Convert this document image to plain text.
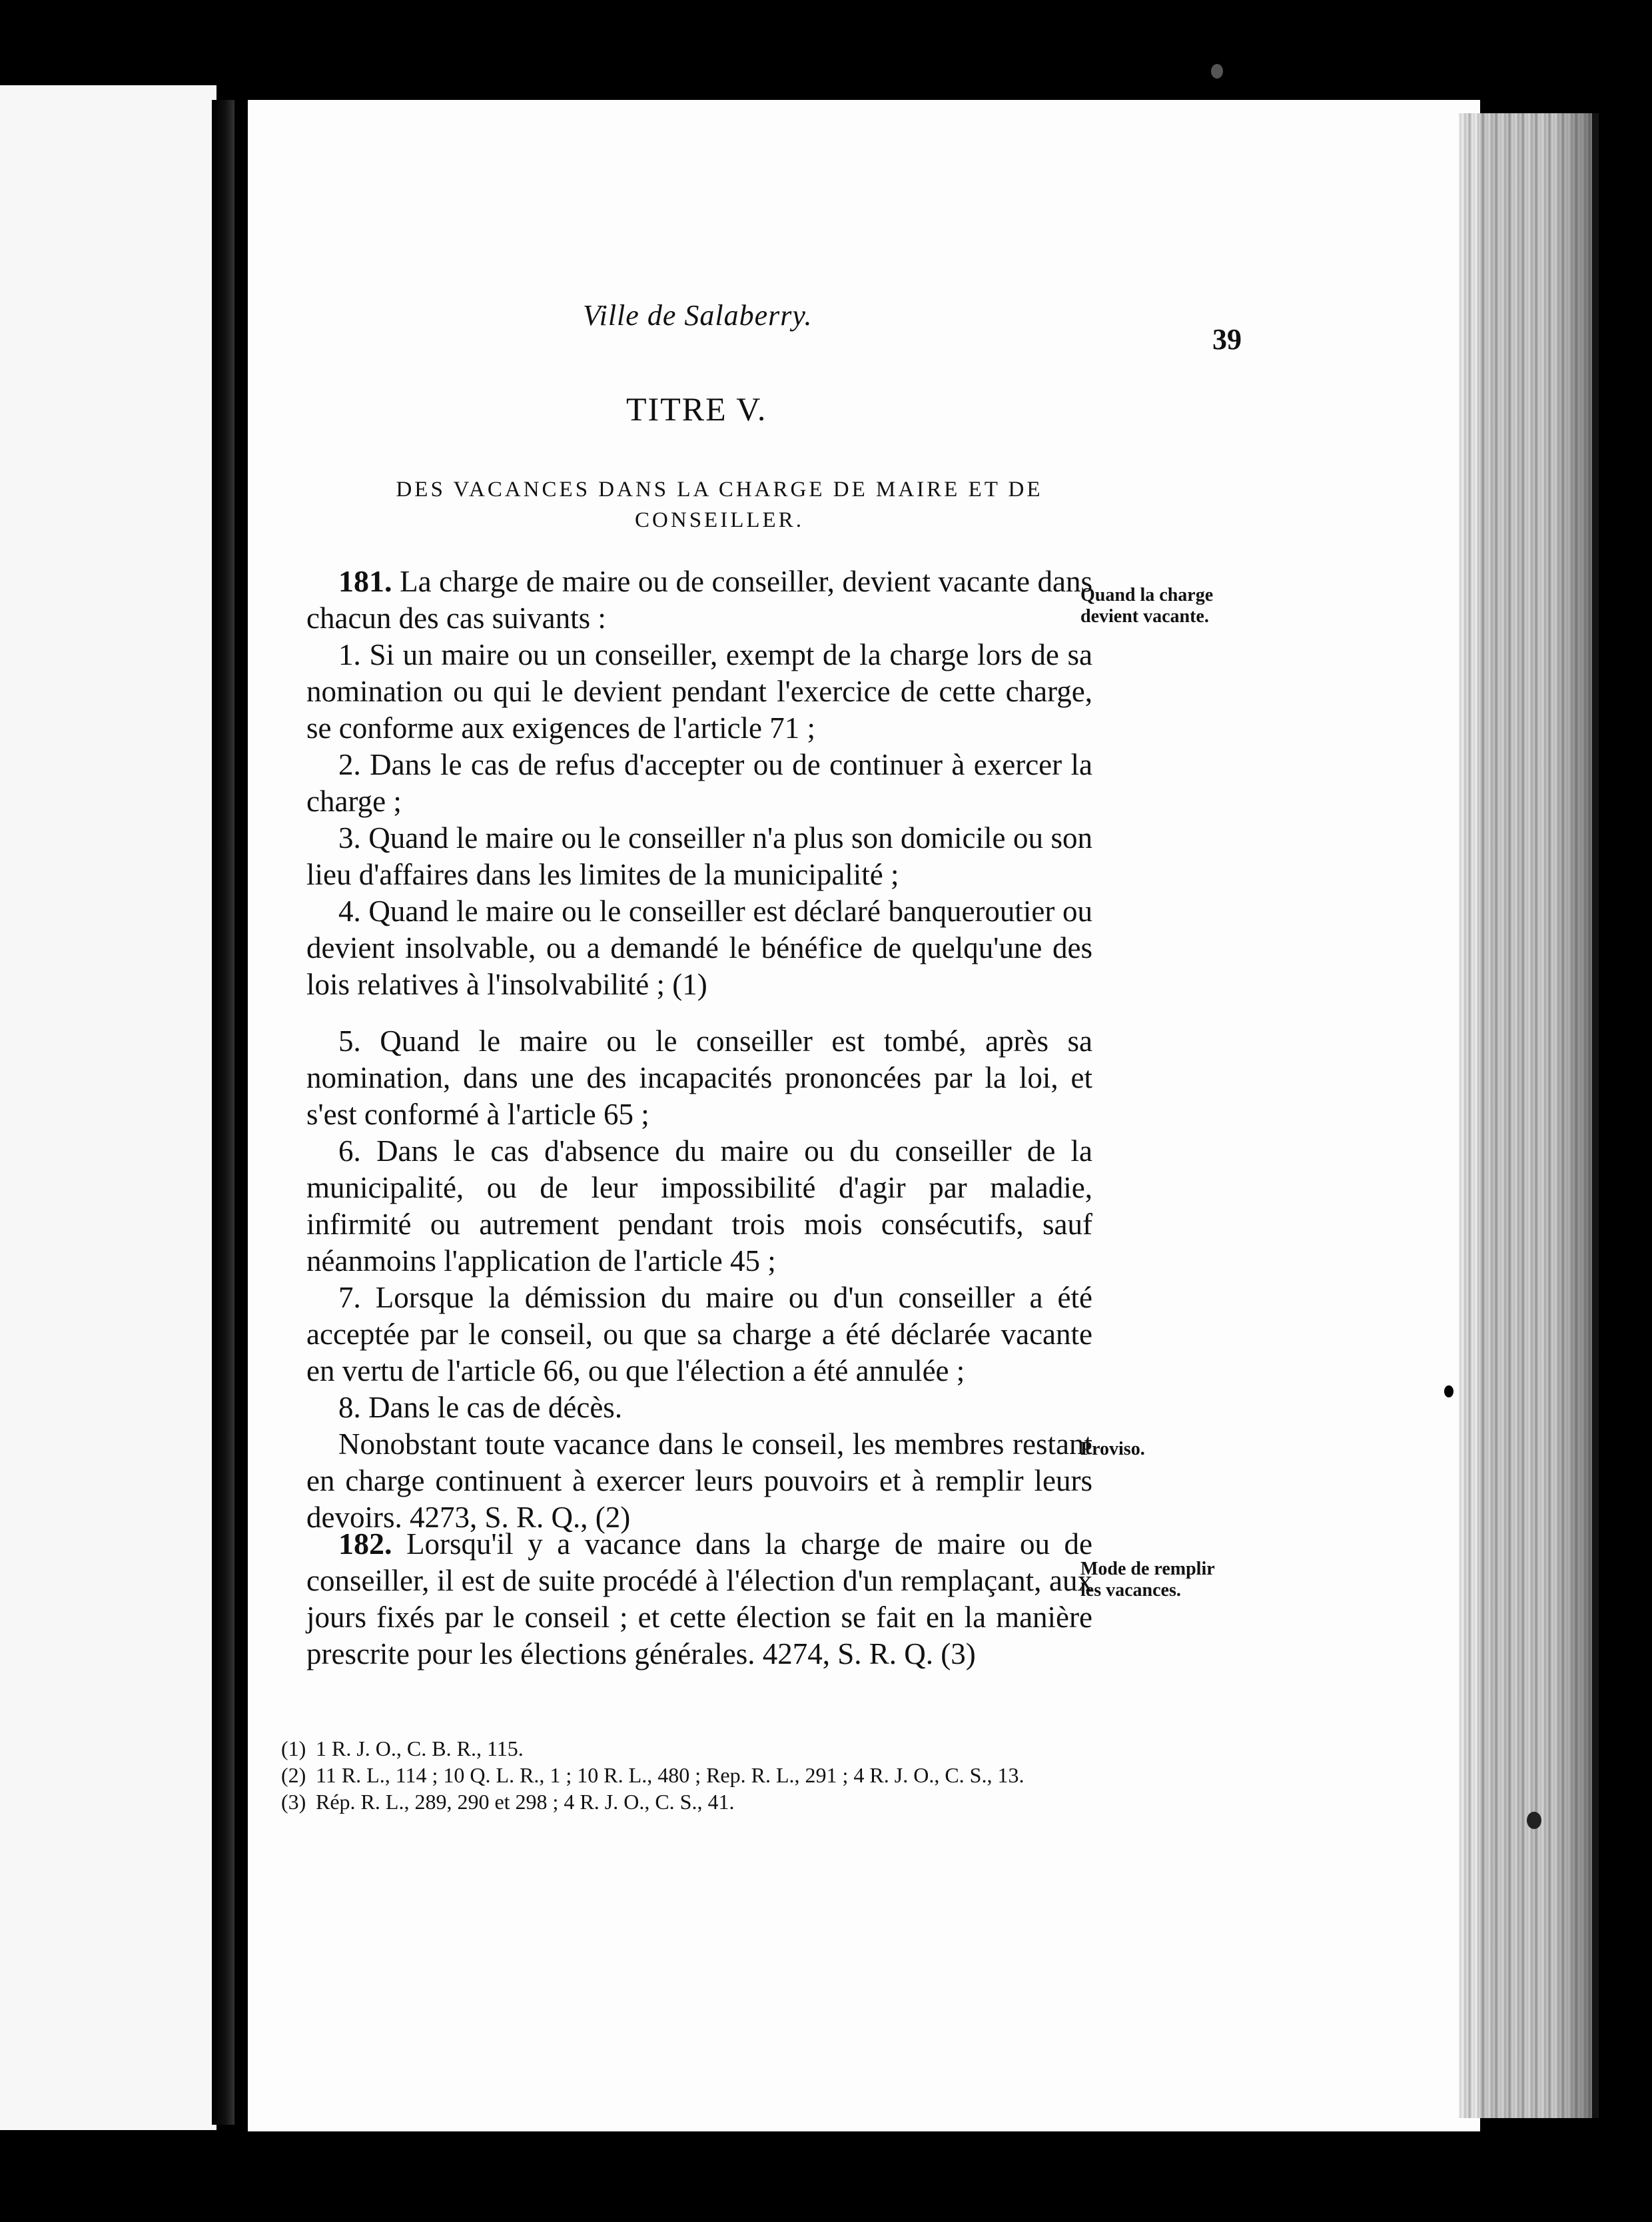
Ville de Salaberry.
39
TITRE V.
DES VACANCES DANS LA CHARGE DE MAIRE ET DE CONSEILLER.

181. La charge de maire ou de conseiller, devient vacante dans chacun des cas suivants :

1. Si un maire ou un conseiller, exempt de la charge lors de sa nomination ou qui le devient pendant l'exercice de cette charge, se conforme aux exigences de l'article 71 ;

2. Dans le cas de refus d'accepter ou de continuer à exercer la charge ;

3. Quand le maire ou le conseiller n'a plus son domicile ou son lieu d'affaires dans les limites de la municipalité ;

4. Quand le maire ou le conseiller est déclaré banqueroutier ou devient insolvable, ou a demandé le bénéfice de quelqu'une des lois relatives à l'insolvabilité ; (1)

5. Quand le maire ou le conseiller est tombé, après sa nomination, dans une des incapacités prononcées par la loi, et s'est conformé à l'article 65 ;

6. Dans le cas d'absence du maire ou du conseiller de la municipalité, ou de leur impossibilité d'agir par maladie, infirmité ou autrement pendant trois mois consécutifs, sauf néanmoins l'application de l'article 45 ;

7. Lorsque la démission du maire ou d'un conseiller a été acceptée par le conseil, ou que sa charge a été déclarée vacante en vertu de l'article 66, ou que l'élection a été annulée ;

8. Dans le cas de décès.

Nonobstant toute vacance dans le conseil, les membres restant en charge continuent à exercer leurs pouvoirs et à remplir leurs devoirs. 4273, S. R. Q., (2)

Quand la charge devient vacante.
Proviso.

182. Lorsqu'il y a vacance dans la charge de maire ou de conseiller, il est de suite procédé à l'élection d'un remplaçant, aux jours fixés par le conseil ; et cette élection se fait en la manière prescrite pour les élections générales. 4274, S. R. Q. (3)

Mode de remplir les vacances.

(1) 1 R. J. O., C. B. R., 115.

(2) 11 R. L., 114 ; 10 Q. L. R., 1 ; 10 R. L., 480 ; Rep. R. L., 291 ; 4 R. J. O., C. S., 13.

(3) Rép. R. L., 289, 290 et 298 ; 4 R. J. O., C. S., 41.
